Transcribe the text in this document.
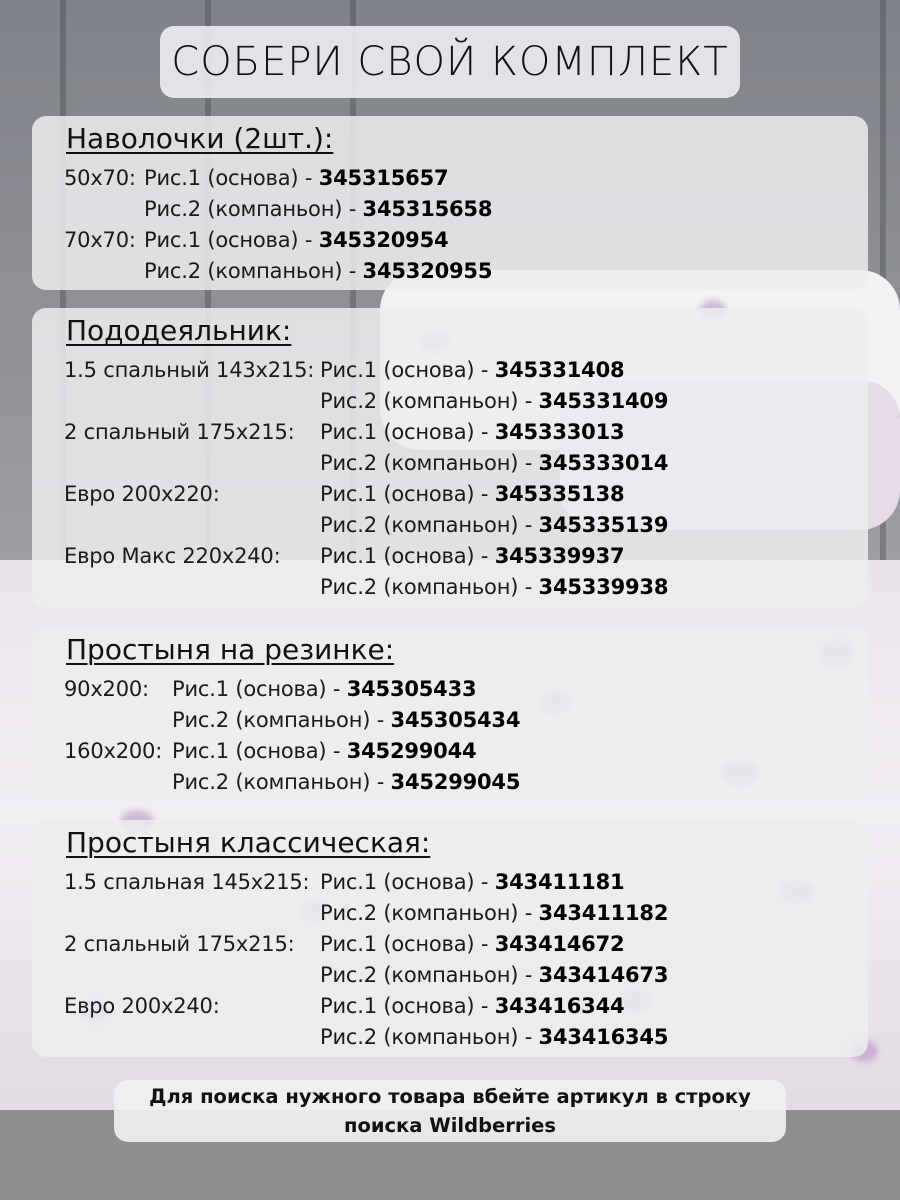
СОБЕРИ СВОЙ КОМПЛЕКТ
Наволочки (2шт.):
50х70: Рис.1 (основа) - 345315657
Рис.2 (компаньон) - 345315658
70х70: Рис.1 (основа) - 345320954
Рис.2 (компаньон) - 345320955
Пододеяльник:
1.5 спальный 143х215: Рис.1 (основа) - 345331408
Рис.2 (компаньон) - 345331409
2 спальный 175х215: Рис.1 (основа) - 345333013
Рис.2 (компаньон) - 345333014
Евро 200х220:	Рис.1 (основа) - 345335138
Рис.2 (компаньон) - 345335139
Евро Макс 220х240: Рис.1 (основа) - 345339937
Рис.2 (компаньон) - 345339938
Простыня на резинке:
90х200: Рис.1 (основа) - 345305433
Рис.2 (компаньон) - 345305434
160х200: Рис.1 (основа) - 345299044
Рис.2 (компаньон) - 345299045
Простыня классическая:
1.5 спальная 145х215: Рис.1 (основа) - 343411181
Рис.2 (компаньон) - 343411182
2 спальный 175х215: Рис.1 (основа) - 343414672
Рис.2 (компаньон) - 343414673
Евро 200х240:	Рис.1 (основа) - 343416344
Рис.2 (компаньон) - 343416345
Для поиска нужного товара вбейте артикул в строку
поиска Wildberries
